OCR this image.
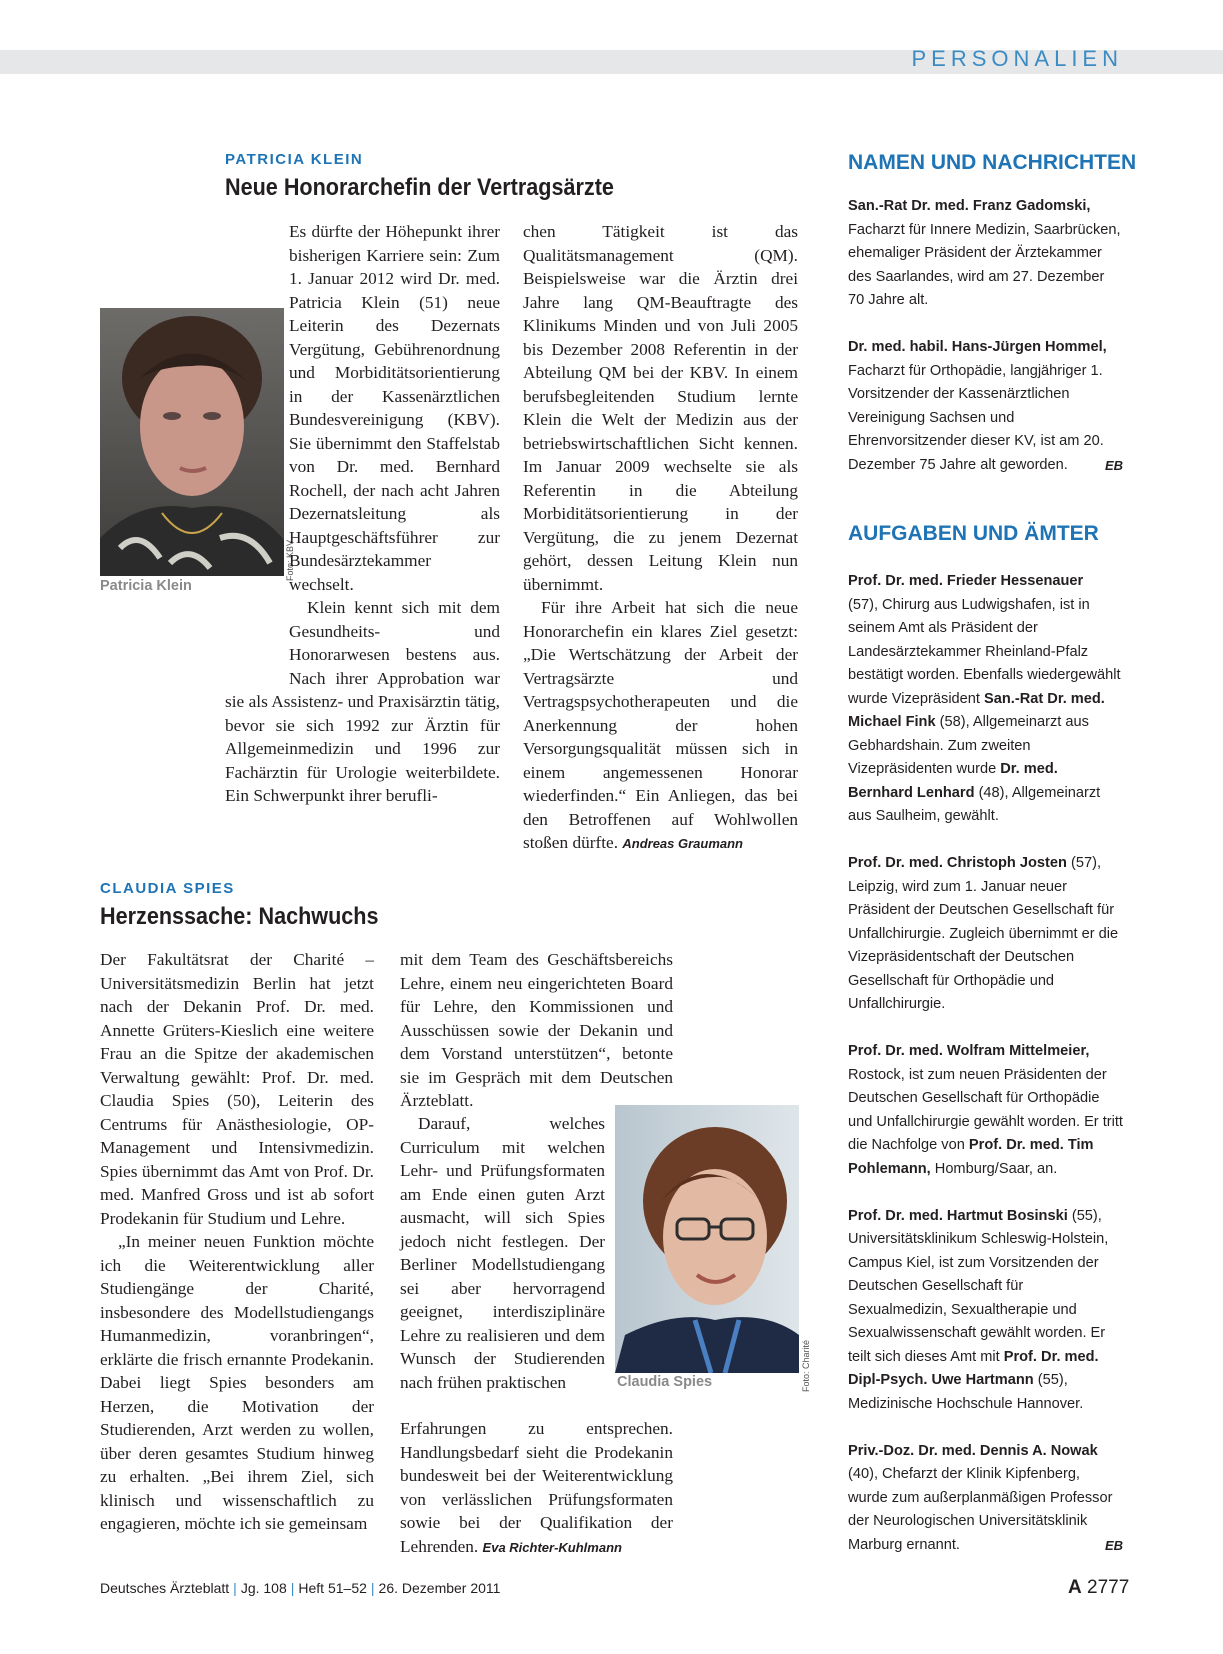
PERSONALIEN
PATRICIA KLEIN
Neue Honorarchefin der Vertragsärzte
Foto: KBV
Patricia Klein

Es dürfte der Höhepunkt ihrer bisherigen Karriere sein: Zum 1. Januar 2012 wird Dr. med. Patricia Klein (51) neue Leiterin des Dezernats Vergütung, Gebührenordnung und Morbiditätsorientierung in der Kassenärztlichen Bundesvereinigung (KBV). Sie übernimmt den Staffelstab von Dr. med. Bernhard Rochell, der nach acht Jahren Dezernatsleitung als Hauptgeschäftsführer zur Bundesärztekammer wechselt.

Klein kennt sich mit dem Gesundheits- und Honorarwesen bestens aus. Nach ihrer Approbation war sie als Assistenz- und Praxisärztin tätig, bevor sie sich 1992 zur Ärztin für Allgemeinmedizin und 1996 zur Fachärztin für Urologie weiterbildete. Ein Schwerpunkt ihrer berufli-

chen Tätigkeit ist das Qualitätsmanagement (QM). Beispielsweise war die Ärztin drei Jahre lang QM-Beauftragte des Klinikums Minden und von Juli 2005 bis Dezember 2008 Referentin in der Abteilung QM bei der KBV. In einem berufsbegleitenden Studium lernte Klein die Welt der Medizin aus der betriebswirtschaftlichen Sicht kennen. Im Januar 2009 wechselte sie als Referentin in die Abteilung Morbiditätsorientierung in der Vergütung, die zu jenem Dezernat gehört, dessen Leitung Klein nun übernimmt.

Für ihre Arbeit hat sich die neue Honorarchefin ein klares Ziel gesetzt: „Die Wertschätzung der Arbeit der Vertragsärzte und Vertragspsychotherapeuten und die Anerkennung der hohen Versorgungsqualität müssen sich in einem angemessenen Honorar wiederfinden.“ Ein Anliegen, das bei den Betroffenen auf Wohlwollen stoßen dürfte. Andreas Graumann

CLAUDIA SPIES
Herzenssache: Nachwuchs

Der Fakultätsrat der Charité – Universitätsmedizin Berlin hat jetzt nach der Dekanin Prof. Dr. med. Annette Grüters-Kieslich eine weitere Frau an die Spitze der akademischen Verwaltung gewählt: Prof. Dr. med. Claudia Spies (50), Leiterin des Centrums für Anästhesiologie, OP-Management und Intensivmedizin. Spies übernimmt das Amt von Prof. Dr. med. Manfred Gross und ist ab sofort Prodekanin für Studium und Lehre.

„In meiner neuen Funktion möchte ich die Weiterentwicklung aller Studiengänge der Charité, insbesondere des Modellstudiengangs Humanmedizin, voranbringen“, erklärte die frisch ernannte Prodekanin. Dabei liegt Spies besonders am Herzen, die Motivation der Studierenden, Arzt werden zu wollen, über deren gesamtes Studium hinweg zu erhalten. „Bei ihrem Ziel, sich klinisch und wissenschaftlich zu engagieren, möchte ich sie gemeinsam

Foto: Charité
Claudia Spies

mit dem Team des Geschäftsbereichs Lehre, einem neu eingerichteten Board für Lehre, den Kommissionen und Ausschüssen sowie der Dekanin und dem Vorstand unterstützen“, betonte sie im Gespräch mit dem Deutschen Ärzteblatt.

Darauf, welches Curriculum mit welchen Lehr- und Prüfungsformaten am Ende einen guten Arzt ausmacht, will sich Spies jedoch nicht festlegen. Der Berliner Modellstudiengang sei aber hervorragend geeignet, interdisziplinäre Lehre zu realisieren und dem Wunsch der Studierenden nach frühen praktischen

Erfahrungen zu entsprechen. Handlungsbedarf sieht die Prodekanin bundesweit bei der Weiterentwicklung von verlässlichen Prüfungsformaten sowie bei der Qualifikation der Lehrenden. Eva Richter-Kuhlmann

NAMEN UND NACHRICHTEN

San.-Rat Dr. med. Franz Gadomski,
Facharzt für Innere Medizin, Saarbrücken, ehemaliger Präsident der Ärztekammer des Saarlandes, wird am 27. Dezember 70 Jahre alt.

Dr. med. habil. Hans-Jürgen Hommel,
Facharzt für Orthopädie, langjähriger 1. Vorsitzender der Kassenärztlichen Vereinigung Sachsen und Ehrenvorsitzender dieser KV, ist am 20. Dezember 75 Jahre alt geworden.	EB

AUFGABEN UND ÄMTER

Prof. Dr. med. Frieder Hessenauer
(57), Chirurg aus Ludwigshafen, ist in seinem Amt als Präsident der Landesärztekammer Rheinland-Pfalz bestätigt worden. Ebenfalls wiedergewählt wurde Vizepräsident San.-Rat Dr. med. Michael Fink (58), Allgemeinarzt aus Gebhardshain. Zum zweiten Vizepräsidenten wurde Dr. med. Bernhard Lenhard (48), Allgemeinarzt aus Saulheim, gewählt.

Prof. Dr. med. Christoph Josten (57), Leipzig, wird zum 1. Januar neuer Präsident der Deutschen Gesellschaft für Unfallchirurgie. Zugleich übernimmt er die Vizepräsidentschaft der Deutschen Gesellschaft für Orthopädie und Unfallchirurgie.

Prof. Dr. med. Wolfram Mittelmeier, Rostock, ist zum neuen Präsidenten der Deutschen Gesellschaft für Orthopädie und Unfallchirurgie gewählt worden. Er tritt die Nachfolge von Prof. Dr. med. Tim Pohlemann, Homburg/Saar, an.

Prof. Dr. med. Hartmut Bosinski (55), Universitätsklinikum Schleswig-Holstein, Campus Kiel, ist zum Vorsitzenden der Deutschen Gesellschaft für Sexualmedizin, Sexualtherapie und Sexualwissenschaft gewählt worden. Er teilt sich dieses Amt mit Prof. Dr. med. Dipl-Psych. Uwe Hartmann (55), Medizinische Hochschule Hannover.

Priv.-Doz. Dr. med. Dennis A. Nowak
(40), Chefarzt der Klinik Kipfenberg, wurde zum außerplanmäßigen Professor der Neurologischen Universitätsklinik Marburg ernannt.	EB

Deutsches Ärzteblatt | Jg. 108 | Heft 51–52 | 26. Dezember 2011	A 2777
